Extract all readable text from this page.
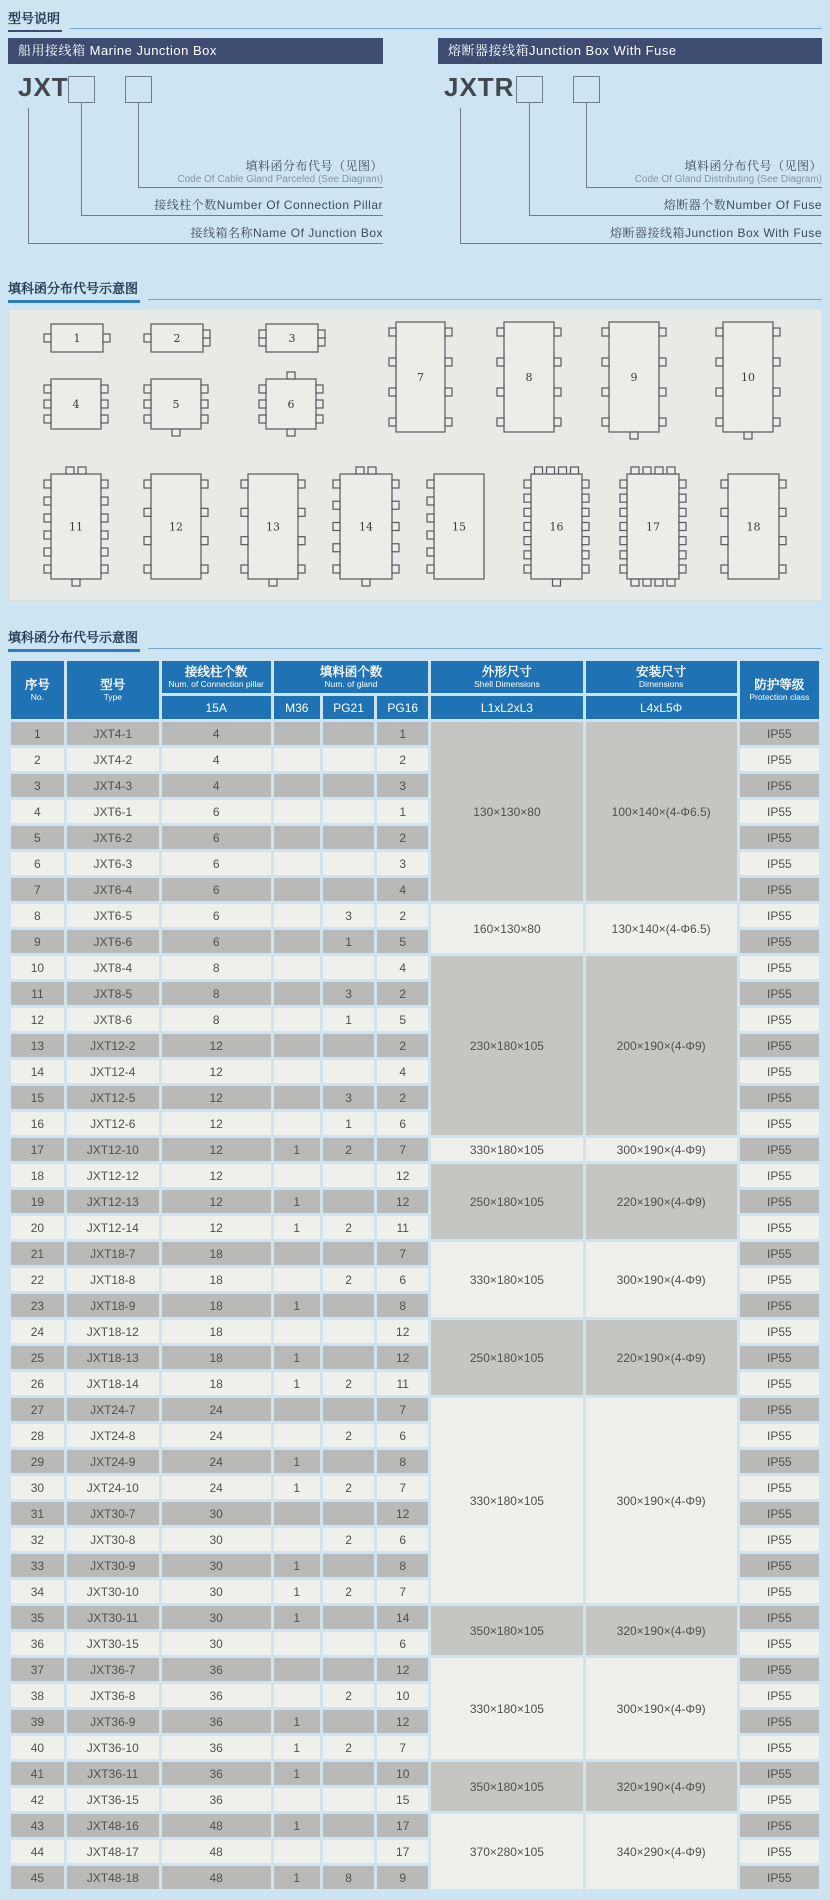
型号说明
船用接线箱 Marine Junction Box
JXT
填料函分布代号（见图）
Code Of Cable Gland Parceled (See Diagram)
接线柱个数Number Of Connection Pillar
接线箱名称Name Of Junction Box
熔断器接线箱Junction Box With Fuse
JXTR
填料函分布代号（见图）
Code Of Gland Distributing (See Diagram)
熔断器个数Number Of Fuse
熔断器接线箱Junction Box With Fuse
填科函分布代号示意图
1	2	3
4	5	6
7	8	9	10
11	12	13	14	15	16	17	18
填科函分布代号示意图
序号
No.	型号
Type	接线柱个数
Num. of Connection pillar	填料函个数
Num. of gland			外形尺寸
Shell Dimensions	安装尺寸
Dimensions	防护等级
Protection class

		15A	M36	PG21	PG16	L1xL2xL3	L4xL5Φ	
1	JXT4-1	4			1	130×130×80	100×140×(4-Φ6.5)	IP55
2	JXT4-2	4			2			IP55
3	JXT4-3	4			3			IP55
4	JXT6-1	6			1			IP55
5	JXT6-2	6			2			IP55
6	JXT6-3	6			3			IP55
7	JXT6-4	6			4			IP55
8	JXT6-5	6		3	2	160×130×80	130×140×(4-Φ6.5)	IP55
9	JXT6-6	6		1	5			IP55
10	JXT8-4	8			4	230×180×105	200×190×(4-Φ9)	IP55
11	JXT8-5	8		3	2			IP55
12	JXT8-6	8		1	5			IP55
13	JXT12-2	12			2			IP55
14	JXT12-4	12			4			IP55
15	JXT12-5	12		3	2			IP55
16	JXT12-6	12		1	6			IP55
17	JXT12-10	12	1	2	7	330×180×105	300×190×(4-Φ9)	IP55
18	JXT12-12	12			12	250×180×105	220×190×(4-Φ9)	IP55
19	JXT12-13	12	1		12			IP55
20	JXT12-14	12	1	2	11			IP55
21	JXT18-7	18			7	330×180×105	300×190×(4-Φ9)	IP55
22	JXT18-8	18		2	6			IP55
23	JXT18-9	18	1		8			IP55
24	JXT18-12	18			12	250×180×105	220×190×(4-Φ9)	IP55
25	JXT18-13	18	1		12			IP55
26	JXT18-14	18	1	2	11			IP55
27	JXT24-7	24			7	330×180×105	300×190×(4-Φ9)	IP55
28	JXT24-8	24		2	6			IP55
29	JXT24-9	24	1		8			IP55
30	JXT24-10	24	1	2	7			IP55
31	JXT30-7	30			12			IP55
32	JXT30-8	30		2	6			IP55
33	JXT30-9	30	1		8			IP55
34	JXT30-10	30	1	2	7			IP55
35	JXT30-11	30	1		14	350×180×105	320×190×(4-Φ9)	IP55
36	JXT30-15	30			6			IP55
37	JXT36-7	36			12	330×180×105	300×190×(4-Φ9)	IP55
38	JXT36-8	36		2	10			IP55
39	JXT36-9	36	1		12			IP55
40	JXT36-10	36	1	2	7			IP55
41	JXT36-11	36	1		10	350×180×105	320×190×(4-Φ9)	IP55
42	JXT36-15	36			15			IP55
43	JXT48-16	48	1		17	370×280×105	340×290×(4-Φ9)	IP55
44	JXT48-17	48			17			IP55
45	JXT48-18	48	1	8	9			IP55
